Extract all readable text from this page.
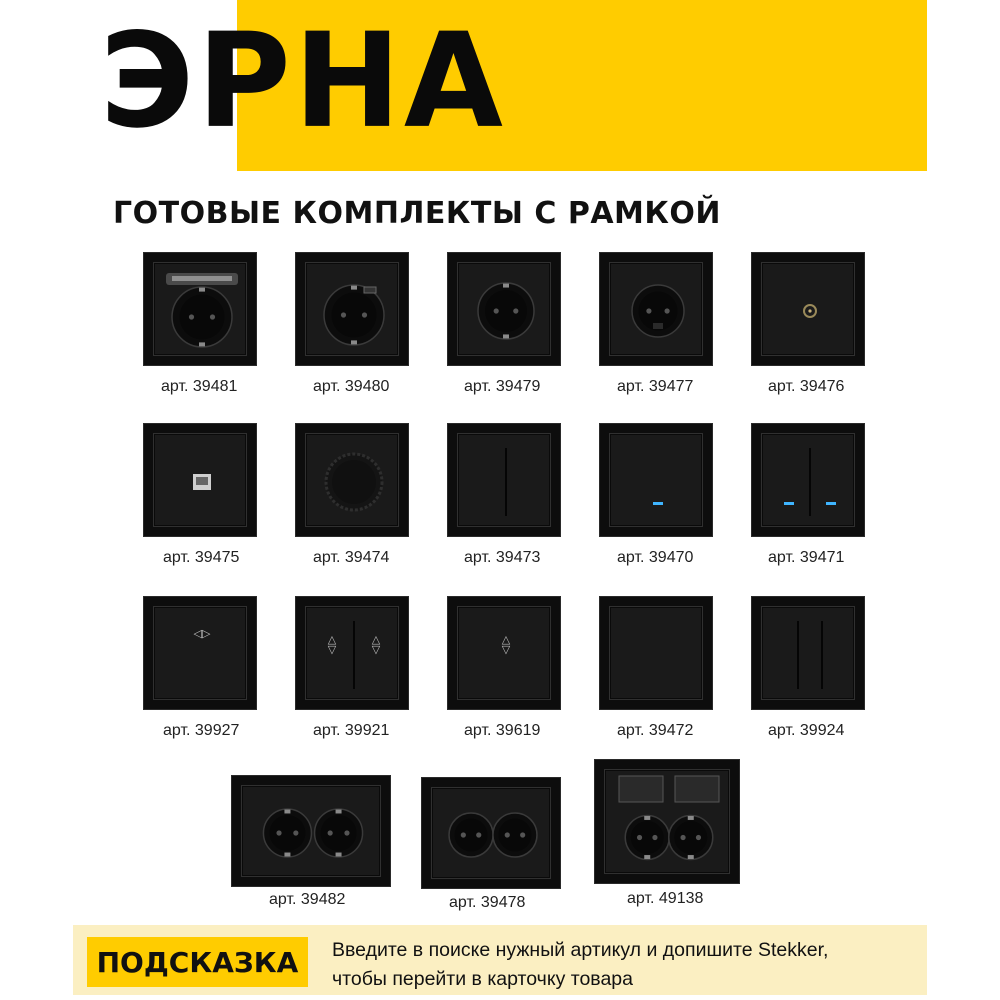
ЭРНА
ГОТОВЫЕ КОМПЛЕКТЫ С РАМКОЙ
арт. 39481	арт. 39480	арт. 39479	арт. 39477	арт. 39476
арт. 39475	арт. 39474	арт. 39473	арт. 39470	арт. 39471
◁▷
арт. 39927
△
▽
△
▽
арт. 39921
△
▽
арт. 39619	арт. 39472	арт. 39924
арт. 39482	арт. 39478	арт. 49138
ПОДСКАЗКА	Введите в поиске нужный артикул и допишите Stekker,
чтобы перейти в карточку товара
